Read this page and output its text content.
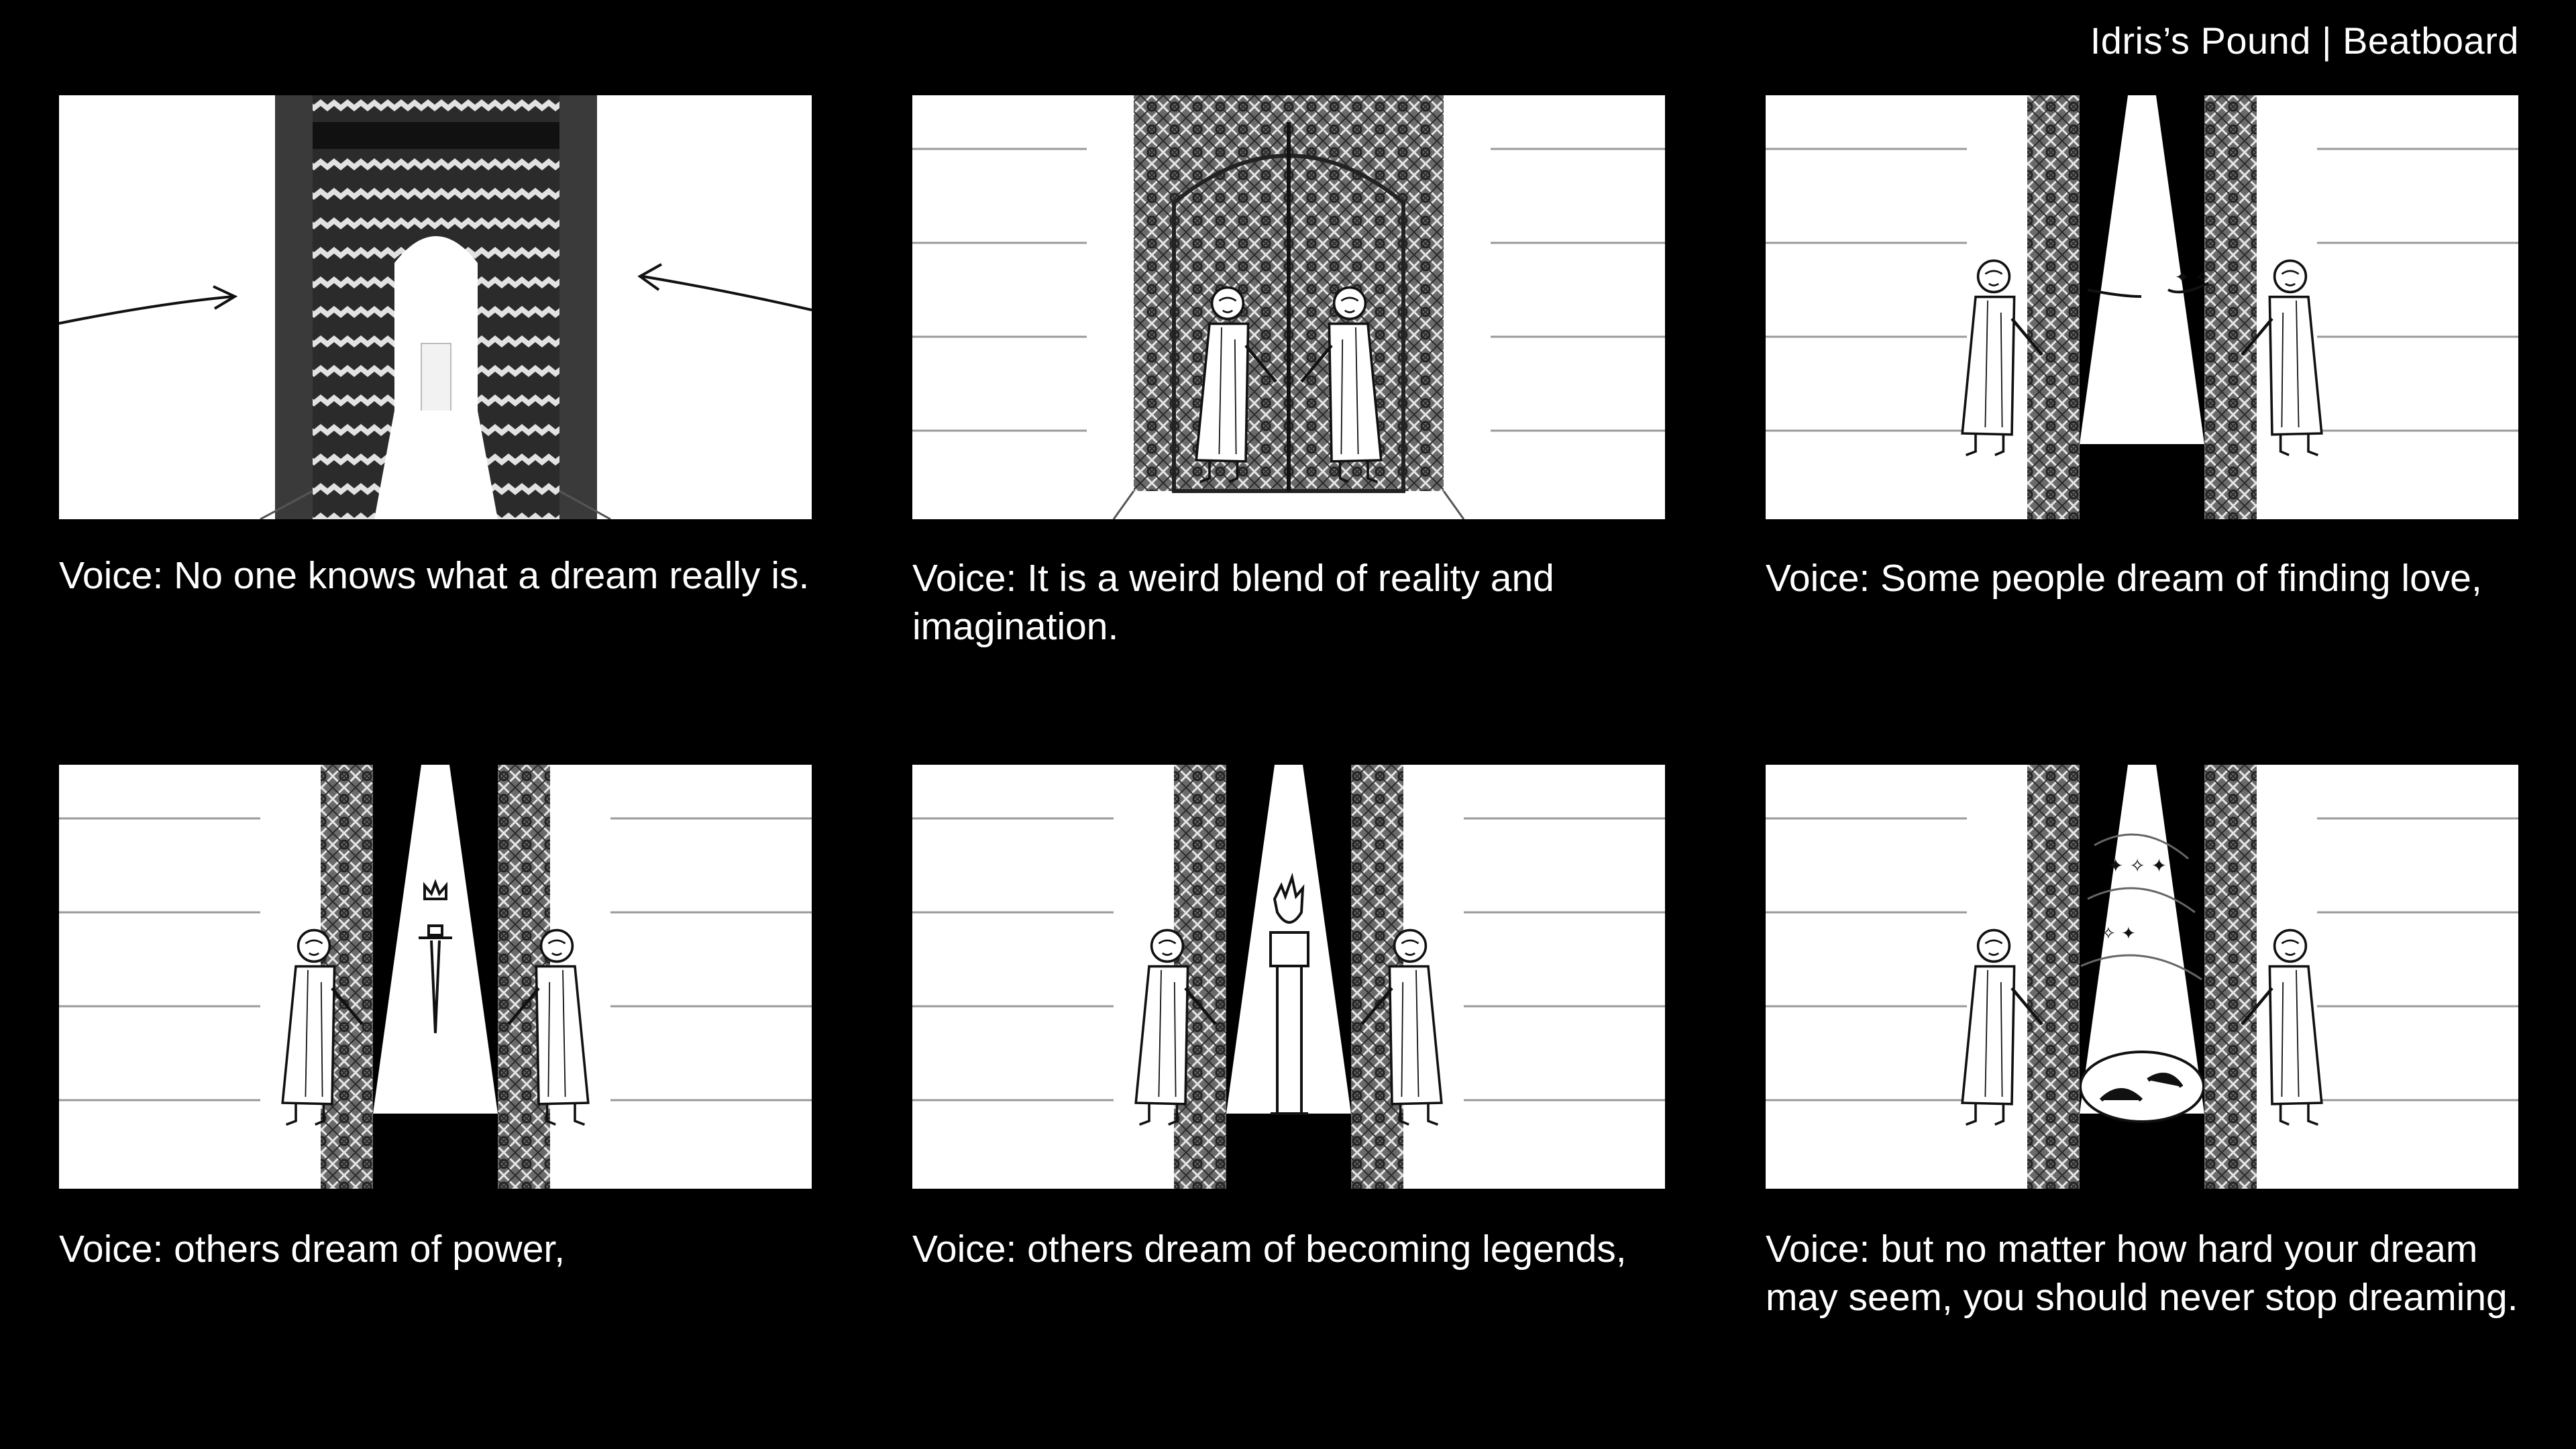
Idris’s Pound | Beatboard
Voice: No one knows what a dream really is.	Voice: It is a weird blend of reality and imagination.
✦ ✧
Voice: Some people dream of finding love,
Voice: others dream of power,	Voice: others dream of becoming legends,
✦ ✧ ✦
✧ ✦
Voice: but no matter how hard your dream may seem, you should never stop dreaming.
